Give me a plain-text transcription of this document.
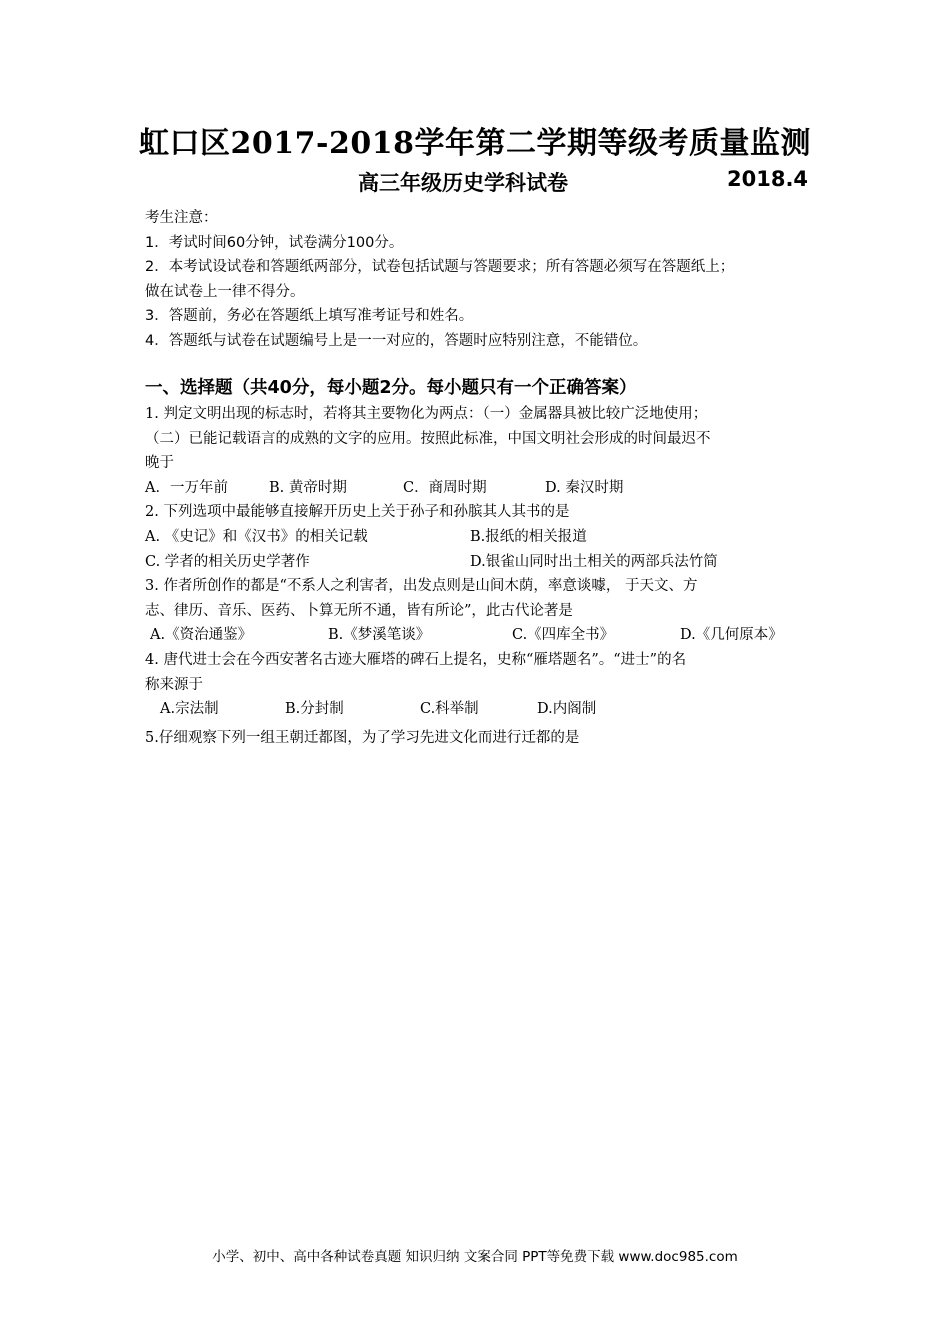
虹口区2017-2018学年第二学期等级考质量监测
高三年级历史学科试卷	2018.4
考生注意：
1．考试时间60分钟，试卷满分100分。
2．本考试设试卷和答题纸两部分，试卷包括试题与答题要求；所有答题必须写在答题纸上；
做在试卷上一律不得分。
3．答题前，务必在答题纸上填写准考证号和姓名。
4．答题纸与试卷在试题编号上是一一对应的，答题时应特别注意，不能错位。
一、选择题（共40分，每小题2分。每小题只有一个正确答案）
1. 判定文明出现的标志时，若将其主要物化为两点：（一）金属器具被比较广泛地使用；
（二）已能记载语言的成熟的文字的应用。按照此标准，中国文明社会形成的时间最迟不
晚于
A．一万年前	B. 黄帝时期	C．商周时期	D. 秦汉时期
2. 下列选项中最能够直接解开历史上关于孙子和孙膑其人其书的是
A. 《史记》和《汉书》的相关记载	B.报纸的相关报道
C. 学者的相关历史学著作	D.银雀山同时出土相关的两部兵法竹简
3. 作者所创作的都是“不系人之利害者，出发点则是山间木荫，率意谈噱， 于天文、方
志、律历、音乐、医药、卜算无所不通，皆有所论”，此古代论著是
A.《资治通鉴》	B.《梦溪笔谈》	C.《四库全书》	D.《几何原本》
4. 唐代进士会在今西安著名古迹大雁塔的碑石上提名，史称“雁塔题名”。“进士”的名
称来源于
A.宗法制	B.分封制	C.科举制	D.内阁制
5.仔细观察下列一组王朝迁都图，为了学习先进文化而进行迁都的是
小学、初中、高中各种试卷真题 知识归纳 文案合同 PPT等免费下载 www.doc985.com
